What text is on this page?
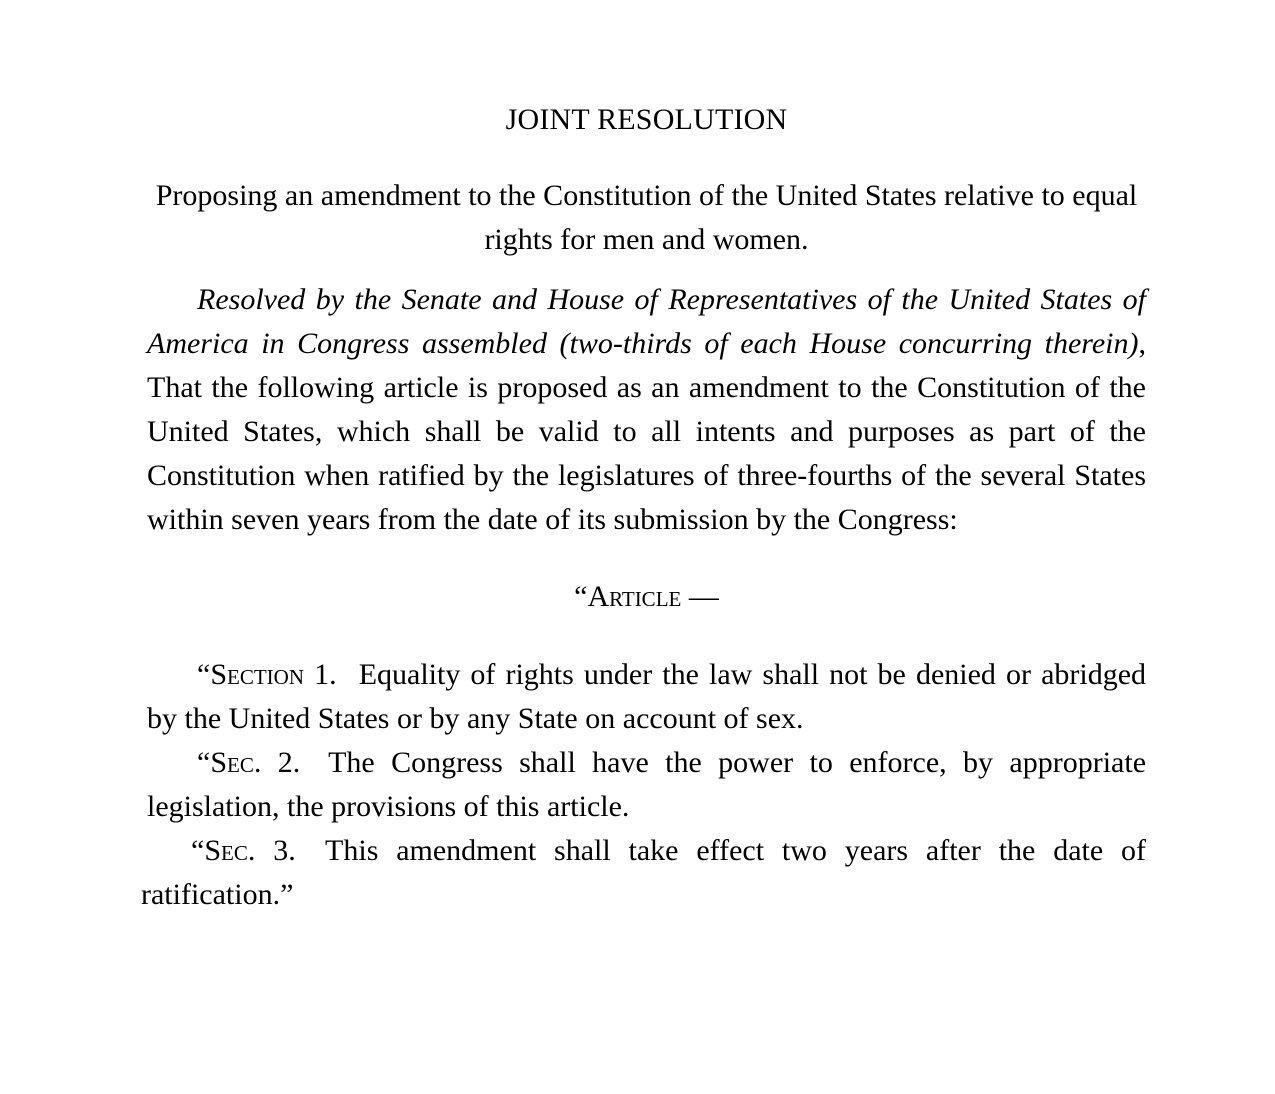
JOINT RESOLUTION

Proposing an amendment to the Constitution of the United States relative to equal rights for men and women.

Resolved by the Senate and House of Representatives of the United States of America in Congress assembled (two-thirds of each House concurring therein), That the following article is proposed as an amendment to the Constitution of the United States, which shall be valid to all intents and purposes as part of the Constitution when ratified by the legislatures of three-fourths of the several States within seven years from the date of its submission by the Congress:

“Article —

“Section 1. Equality of rights under the law shall not be denied or abridged by the United States or by any State on account of sex.

“Sec. 2. The Congress shall have the power to enforce, by appropriate legislation, the provisions of this article.

“Sec. 3. This amendment shall take effect two years after the date of ratification.”
